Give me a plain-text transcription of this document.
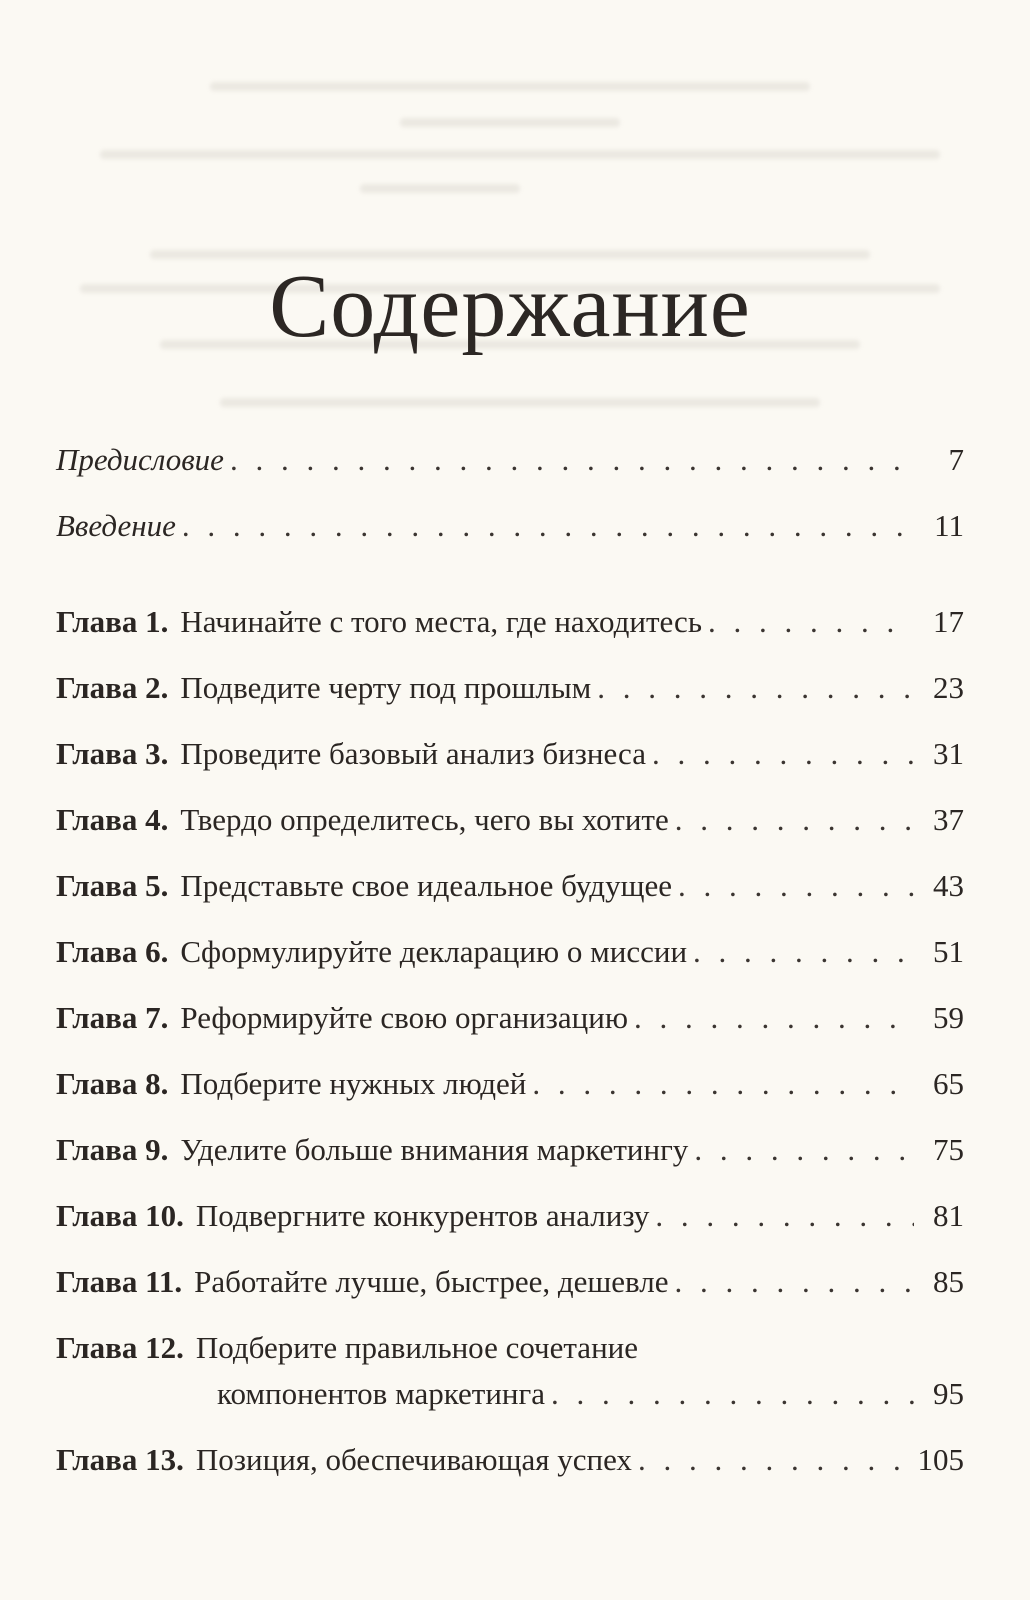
Содержание
Предисловие . . .	7
Введение . . .	11
Глава 1. Начинайте с того места, где находитесь . . .	17
Глава 2. Подведите черту под прошлым . . .	23
Глава 3. Проведите базовый анализ бизнеса . . .	31
Глава 4. Твердо определитесь, чего вы хотите . . .	37
Глава 5. Представьте свое идеальное будущее . . .	43
Глава 6. Сформулируйте декларацию о миссии . . .	51
Глава 7. Реформируйте свою организацию . . .	59
Глава 8. Подберите нужных людей . . .	65
Глава 9. Уделите больше внимания маркетингу . . .	75
Глава 10. Подвергните конкурентов анализу . . .	81
Глава 11. Работайте лучше, быстрее, дешевле . . .	85
Глава 12. Подберите правильное сочетание
компонентов маркетинга . . .	95
Глава 13. Позиция, обеспечивающая успех . . .	105
